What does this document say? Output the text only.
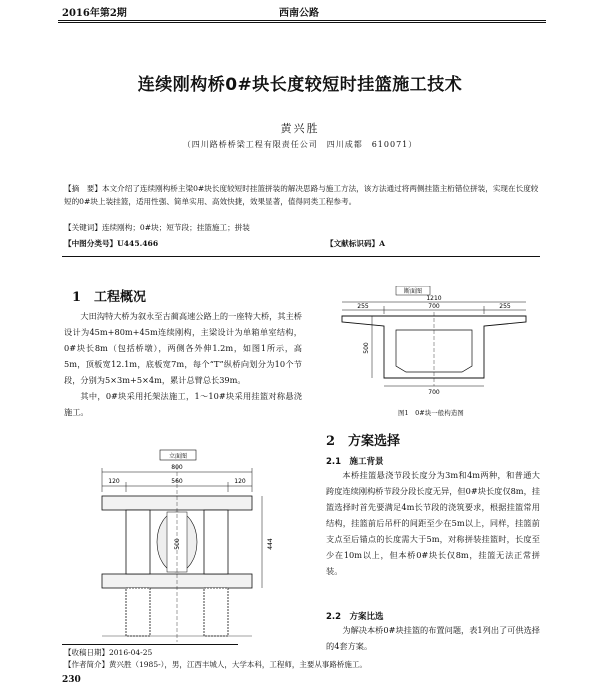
2016年第2期	西南公路
连续刚构桥0#块长度较短时挂篮施工技术
黄兴胜
（四川路桥桥梁工程有限责任公司　四川成都　610071）
【摘　要】本文介绍了连续刚构桥主梁0#块长度较短时挂篮拼装的解决思路与施工方法，该方法通过将两侧挂篮主桁错位拼装，实现在长度较短的0#块上装挂篮，适用性强、简单实用、高效快捷，效果显著，值得同类工程参考。
【关键词】连续刚构；0#块；短节段；挂篮施工；拼装
【中图分类号】U445.466	【文献标识码】A
1　工程概况

大田沟特大桥为叙永至古蔺高速公路上的一座特大桥，其主桥设计为45m+80m+45m连续刚构，主梁设计为单箱单室结构，0#块长8m（包括桥墩），两侧各外伸1.2m，如图1所示，高5m，顶板宽12.1m，底板宽7m，每个“T”纵桥向划分为10个节段，分别为5×3m+5×4m，累计总臂总长39m。

其中，0#块采用托架法施工，1～10#块采用挂篮对称悬浇施工。

立面图
800
120	560	120
500	444
断面图
1210
255	700	255
500
700
图1　0#块一般构造图
2　方案选择
2.1　施工背景

本桥挂篮悬浇节段长度分为3m和4m两种，和普通大跨度连续刚构桥节段分段长度无异，但0#块长度仅8m，挂篮选择时首先要满足4m长节段的浇筑要求，根据挂篮常用结构，挂篮前后吊杆的间距至少在5m以上，同样，挂篮前支点至后锚点的长度需大于5m，对称拼装挂篮时，长度至少在10m以上，但本桥0#块长仅8m，挂篮无法正常拼装。

2.2　方案比选

为解决本桥0#块挂篮的布置问题，表1列出了可供选择的4套方案。

【收稿日期】2016-04-25
【作者简介】黄兴胜（1985-），男，江西丰城人，大学本科，工程师，主要从事路桥施工。
230
